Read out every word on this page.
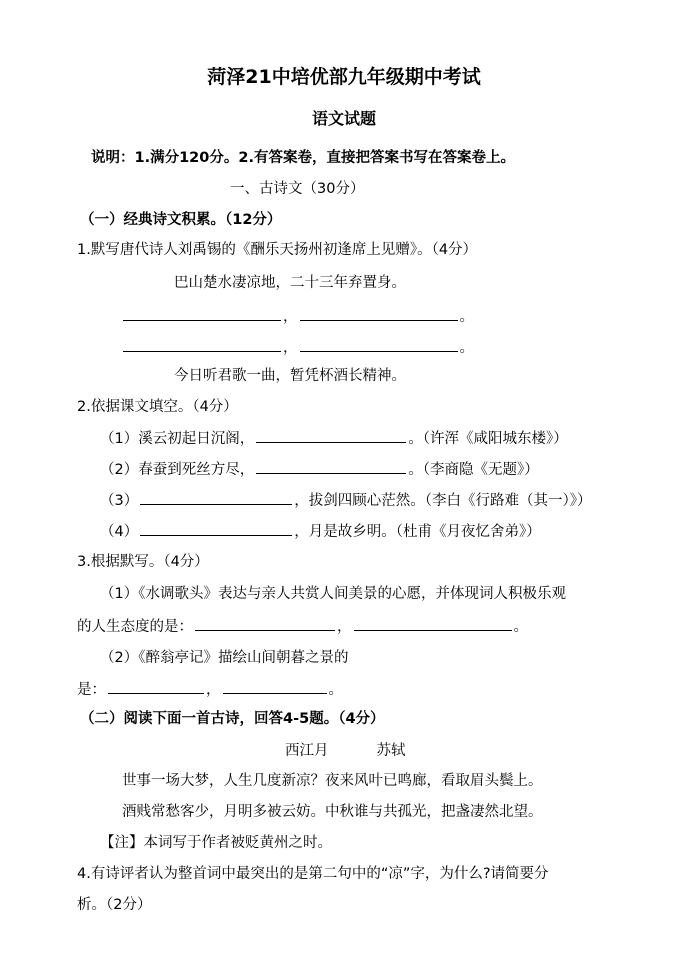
菏泽21中培优部九年级期中考试
语文试题
说明：1.满分120分。2.有答案卷，直接把答案书写在答案卷上。
一、古诗文（30分）
（一）经典诗文积累。（12分）
1.默写唐代诗人刘禹锡的《酬乐天扬州初逢席上见赠》。（4分）
巴山楚水凄凉地，二十三年弃置身。
，	。
，	。
今日听君歌一曲，暂凭杯酒长精神。
2.依据课文填空。（4分）
（1）溪云初起日沉阁，	。（许浑《咸阳城东楼》）
（2）春蚕到死丝方尽，	。（李商隐《无题》）
（3）	，拔剑四顾心茫然。（李白《行路难（其一）》）
（4）	，月是故乡明。（杜甫《月夜忆舍弟》）
3.根据默写。（4分）
（1）《水调歌头》表达与亲人共赏人间美景的心愿，并体现词人积极乐观
的人生态度的是：	，	。
（2）《醉翁亭记》描绘山间朝暮之景的
是：	，	。
（二）阅读下面一首古诗，回答4-5题。（4分）
西江月	苏轼
世事一场大梦，人生几度新凉？夜来风叶已鸣廊，看取眉头鬓上。
酒贱常愁客少，月明多被云妨。中秋谁与共孤光，把盏凄然北望。
【注】本词写于作者被贬黄州之时。
4.有诗评者认为整首词中最突出的是第二句中的“凉”字，为什么?请简要分
析。（2分）
